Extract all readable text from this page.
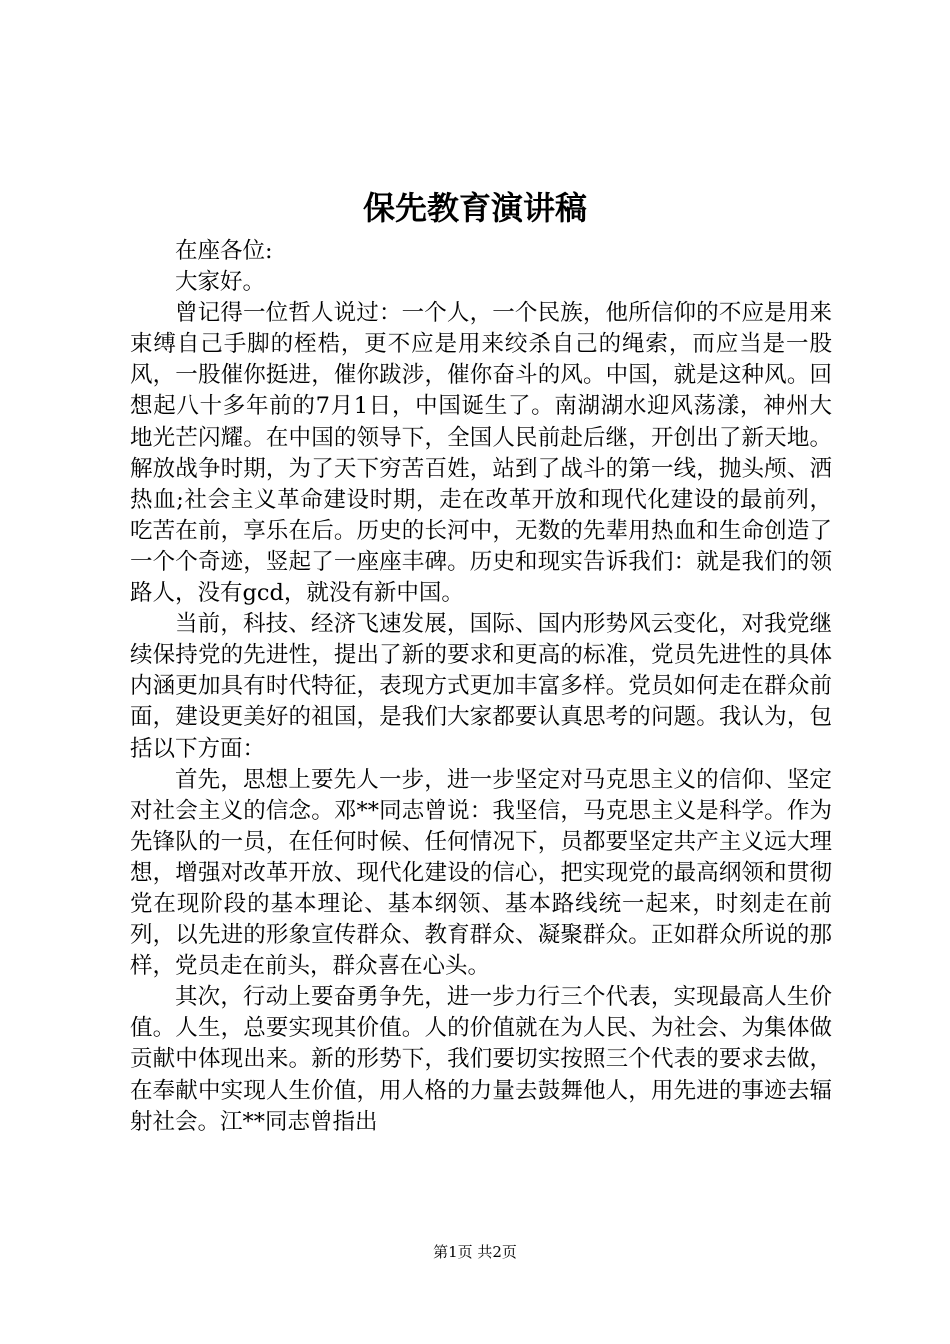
保先教育演讲稿

在座各位:

大家好。

曾记得一位哲人说过：一个人，一个民族，他所信仰的不应是用来束缚自己手脚的桎梏，更不应是用来绞杀自己的绳索，而应当是一股风，一股催你挺进，催你跋涉，催你奋斗的风。中国，就是这种风。回想起八十多年前的7月1日，中国诞生了。南湖湖水迎风荡漾，神州大地光芒闪耀。在中国的领导下，全国人民前赴后继，开创出了新天地。解放战争时期，为了天下穷苦百姓，站到了战斗的第一线，抛头颅、洒热血;社会主义革命建设时期，走在改革开放和现代化建设的最前列，吃苦在前，享乐在后。历史的长河中，无数的先辈用热血和生命创造了一个个奇迹，竖起了一座座丰碑。历史和现实告诉我们：就是我们的领路人，没有gcd，就没有新中国。

当前，科技、经济飞速发展，国际、国内形势风云变化，对我党继续保持党的先进性，提出了新的要求和更高的标准，党员先进性的具体内涵更加具有时代特征，表现方式更加丰富多样。党员如何走在群众前面，建设更美好的祖国，是我们大家都要认真思考的问题。我认为，包括以下方面：

首先，思想上要先人一步，进一步坚定对马克思主义的信仰、坚定对社会主义的信念。邓**同志曾说：我坚信，马克思主义是科学。作为先锋队的一员，在任何时候、任何情况下，员都要坚定共产主义远大理想，增强对改革开放、现代化建设的信心，把实现党的最高纲领和贯彻党在现阶段的基本理论、基本纲领、基本路线统一起来，时刻走在前列，以先进的形象宣传群众、教育群众、凝聚群众。正如群众所说的那样，党员走在前头，群众喜在心头。

其次，行动上要奋勇争先，进一步力行三个代表，实现最高人生价值。人生，总要实现其价值。人的价值就在为人民、为社会、为集体做贡献中体现出来。新的形势下，我们要切实按照三个代表的要求去做，在奉献中实现人生价值，用人格的力量去鼓舞他人，用先进的事迹去辐射社会。江**同志曾指出

第1页 共2页
